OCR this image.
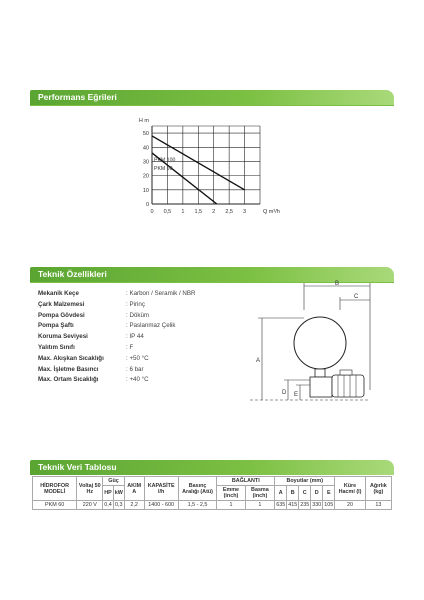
Performans Eğrileri
0 0,5 1 1,5 2 2,5 3
0
10
20
30
40
50
H m
Q m³/h
PKM 100
PKM 60
Teknik Özellikleri
Mekanik Keçe	: Karbon / Seramik / NBR
Çark Malzemesi	: Pirinç
Pompa Gövdesi	: Döküm
Pompa Şaftı	: Paslanmaz Çelik
Koruma Seviyesi	: IP 44
Yalıtım Sınıfı	: F
Max. Akışkan Sıcaklığı	: +50 °C
Max. İşletme Basıncı	: 6 bar
Max. Ortam Sıcaklığı	: +40 °C
B
C
A
D E
Teknik Veri Tablosu
HİDROFOR MODELİ	Voltaj 50 Hz	Güç		AKIM A	KAPASİTE l/h	Basınç Aralığı (Atü)	BAĞLANTI		Boyutlar (mm)					Küre Hacmi (l)	Ağırlık (kg)
		HP	kW				Emme (inch)	Basma (inch)	A	B	C	D	E		
PKM 60	220 V	0,4	0,3	2,2	1400 - 600	1,5 - 2,5	1	1	635	415	235	330	105	20	13
